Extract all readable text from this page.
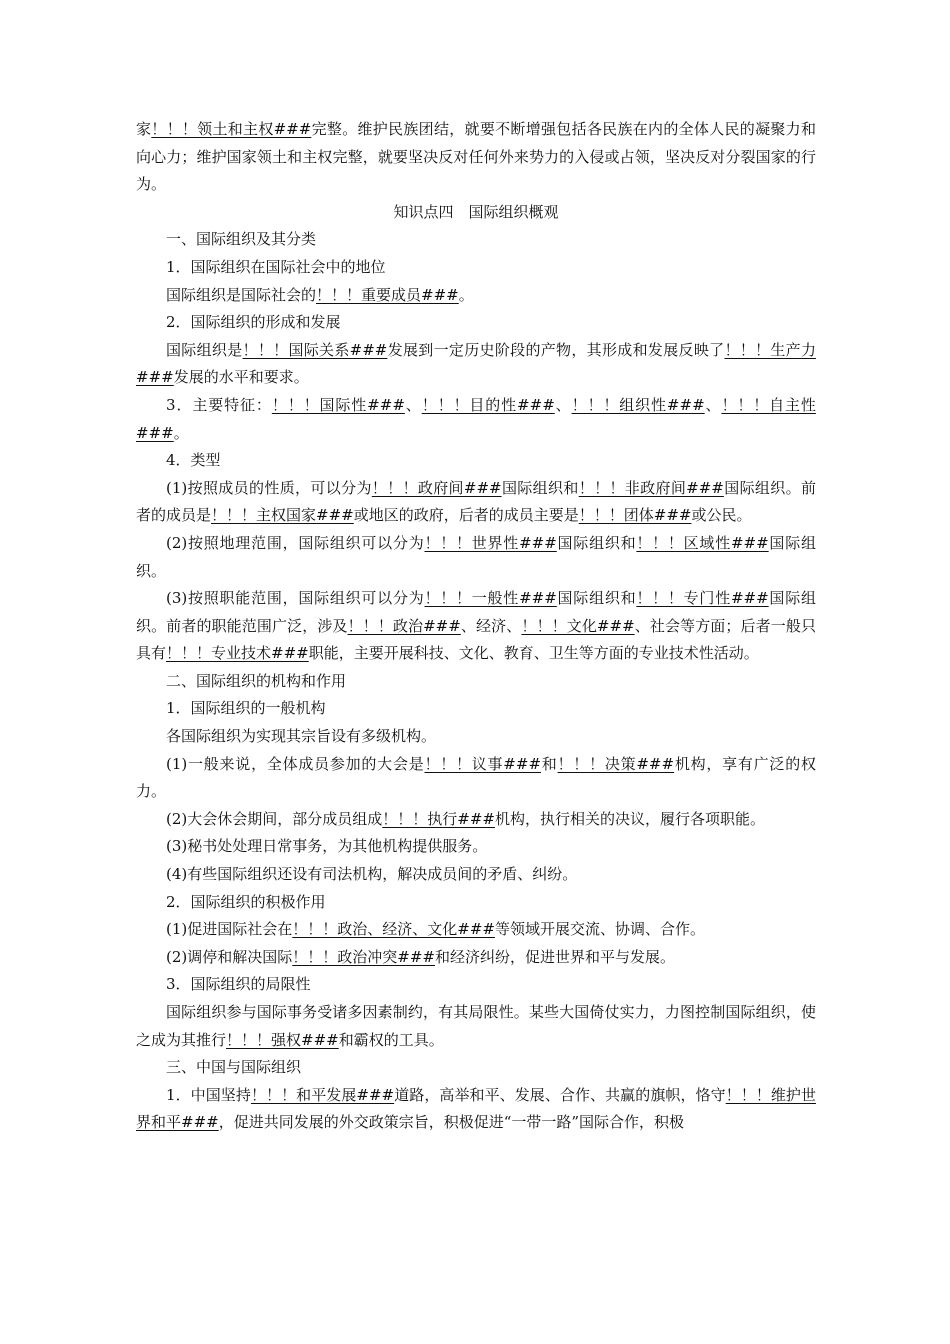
家！！！领土和主权###完整。维护民族团结，就要不断增强包括各民族在内的全体人民的凝聚力和向心力；维护国家领土和主权完整，就要坚决反对任何外来势力的入侵或占领，坚决反对分裂国家的行为。

知识点四　国际组织概观

一、国际组织及其分类

1．国际组织在国际社会中的地位

国际组织是国际社会的！！！重要成员###。

2．国际组织的形成和发展

国际组织是！！！国际关系###发展到一定历史阶段的产物，其形成和发展反映了！！！生产力###发展的水平和要求。

3．主要特征：！！！国际性###、！！！目的性###、！！！组织性###、！！！自主性###。

4．类型

(1)按照成员的性质，可以分为！！！政府间###国际组织和！！！非政府间###国际组织。前者的成员是！！！主权国家###或地区的政府，后者的成员主要是！！！团体###或公民。

(2)按照地理范围，国际组织可以分为！！！世界性###国际组织和！！！区域性###国际组织。

(3)按照职能范围，国际组织可以分为！！！一般性###国际组织和！！！专门性###国际组织。前者的职能范围广泛，涉及！！！政治###、经济、！！！文化###、社会等方面；后者一般只具有！！！专业技术###职能，主要开展科技、文化、教育、卫生等方面的专业技术性活动。

二、国际组织的机构和作用

1．国际组织的一般机构

各国际组织为实现其宗旨设有多级机构。

(1)一般来说，全体成员参加的大会是！！！议事###和！！！决策###机构，享有广泛的权力。

(2)大会休会期间，部分成员组成！！！执行###机构，执行相关的决议，履行各项职能。

(3)秘书处处理日常事务，为其他机构提供服务。

(4)有些国际组织还设有司法机构，解决成员间的矛盾、纠纷。

2．国际组织的积极作用

(1)促进国际社会在！！！政治、经济、文化###等领域开展交流、协调、合作。

(2)调停和解决国际！！！政治冲突###和经济纠纷，促进世界和平与发展。

3．国际组织的局限性

国际组织参与国际事务受诸多因素制约，有其局限性。某些大国倚仗实力，力图控制国际组织，使之成为其推行！！！强权###和霸权的工具。

三、中国与国际组织

1．中国坚持！！！和平发展###道路，高举和平、发展、合作、共赢的旗帜，恪守！！！维护世界和平###，促进共同发展的外交政策宗旨，积极促进“一带一路”国际合作，积极
